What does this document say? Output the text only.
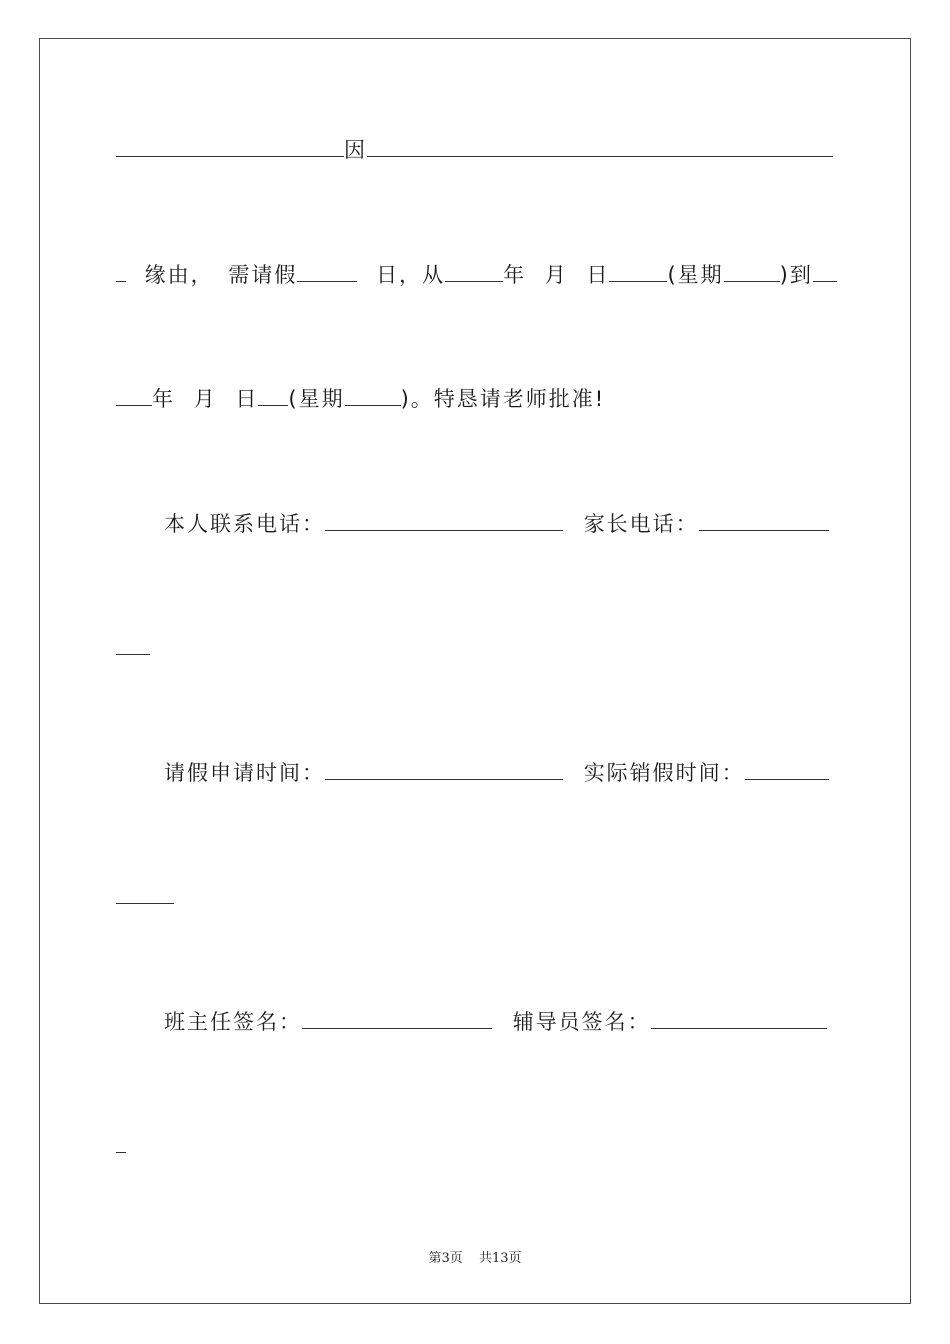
因
缘由， 需请假	日，从	年 月 日	(星期	)到
年 月 日 (星期	)。特恳请老师批准!
本人联系电话：	家长电话：
请假申请时间：	实际销假时间：
班主任签名：	辅导员签名：
第3页 共13页
